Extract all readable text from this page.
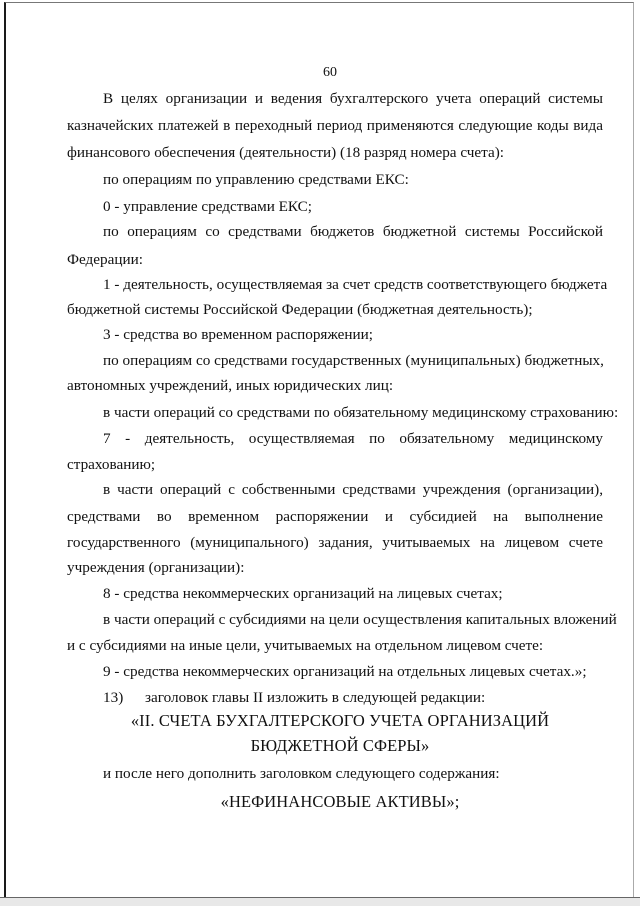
60
В целях организации и ведения бухгалтерского учета операций системы
казначейских платежей в переходный период применяются следующие коды вида
финансового обеспечения (деятельности) (18 разряд номера счета):
по операциям по управлению средствами ЕКС:
0 - управление средствами ЕКС;
по операциям со средствами бюджетов бюджетной системы Российской
Федерации:
1 - деятельность, осуществляемая за счет средств соответствующего бюджета
бюджетной системы Российской Федерации (бюджетная деятельность);
3 - средства во временном распоряжении;
по операциям со средствами государственных (муниципальных) бюджетных,
автономных учреждений, иных юридических лиц:
в части операций со средствами по обязательному медицинскому страхованию:
7 - деятельность, осуществляемая по обязательному медицинскому
страхованию;
в части операций с собственными средствами учреждения (организации),
средствами во временном распоряжении и субсидией на выполнение
государственного (муниципального) задания, учитываемых на лицевом счете
учреждения (организации):
8 - средства некоммерческих организаций на лицевых счетах;
в части операций с субсидиями на цели осуществления капитальных вложений
и с субсидиями на иные цели, учитываемых на отдельном лицевом счете:
9 - средства некоммерческих организаций на отдельных лицевых счетах.»;
13) заголовок главы II изложить в следующей редакции:
«II. СЧЕТА БУХГАЛТЕРСКОГО УЧЕТА ОРГАНИЗАЦИЙ
БЮДЖЕТНОЙ СФЕРЫ»
и после него дополнить заголовком следующего содержания:
«НЕФИНАНСОВЫЕ АКТИВЫ»;
